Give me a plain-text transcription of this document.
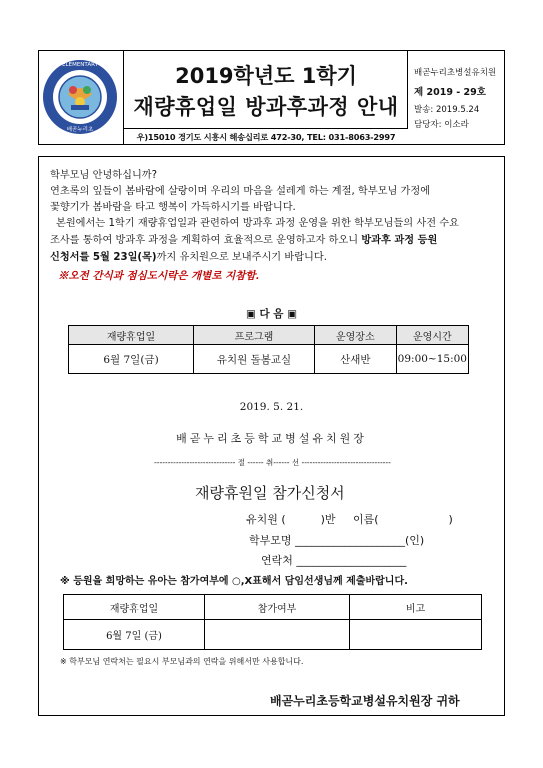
ELEMENTARY
배곧누리초
2019학년도 1학기
재량휴업일 방과후과정 안내
우)15010 경기도 시흥시 해송십리로 472-30, TEL: 031-8063-2997
배곧누리초병설유치원
제 2019 - 29호
발송: 2019.5.24
담당자: 이소라
학부모님 안녕하십니까?
연초록의 잎들이 봄바람에 살랑이며 우리의 마음을 설레게 하는 계절, 학부모님 가정에
꽃향기가 봄바람을 타고 행복이 가득하시기를 바랍니다.
본원에서는 1학기 재량휴업일과 관련하여 방과후 과정 운영을 위한 학부모님들의 사전 수요
조사를 통하여 방과후 과정을 계획하여 효율적으로 운영하고자 하오니 방과후 과정 등원
신청서를 5월 23일(목)까지 유치원으로 보내주시기 바랍니다.
※오전 간식과 점심도시락은 개별로 지참함.
▣ 다 음 ▣
재량휴업일	프로그램	운영장소	운영시간
6월 7일(금)	유치원 돌봄교실	산새반	09:00~15:00
2019. 5. 21.
배곧누리초등학교병설유치원장
------------------------------ 절 ------ 취------ 선 ---------------------------------
재량휴원일 참가신청서
유치원 (          )반     이름(                    )
학부모명 ____________________(인)
연락처 ____________________
※ 등원을 희망하는 유아는 참가여부에 ○,X표해서 담임선생님께 제출바랍니다.
재량휴업일	참가여부	비고
6월 7일 (금)		
※ 학부모님 연락처는 필요시 부모님과의 연락을 위해서만 사용합니다.
배곧누리초등학교병설유치원장 귀하
